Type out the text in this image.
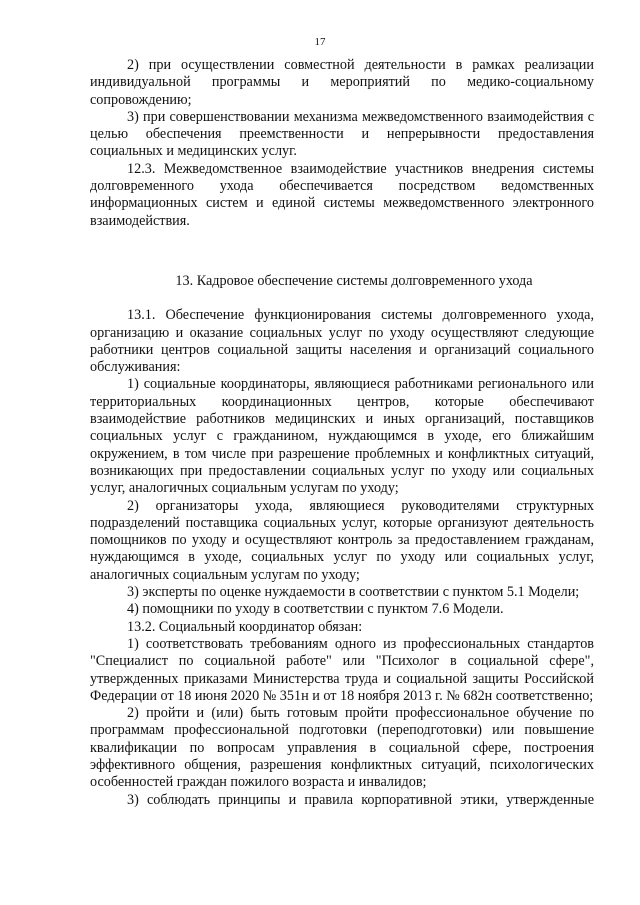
17

2) при осуществлении совместной деятельности в рамках реализации индивидуальной программы и мероприятий по медико-социальному сопровождению;

3) при совершенствовании механизма межведомственного взаимодействия с целью обеспечения преемственности и непрерывности предоставления социальных и медицинских услуг.

12.3. Межведомственное взаимодействие участников внедрения системы долговременного ухода обеспечивается посредством ведомственных информационных систем и единой системы межведомственного электронного взаимодействия.

13. Кадровое обеспечение системы долговременного ухода

13.1. Обеспечение функционирования системы долговременного ухода, организацию и оказание социальных услуг по уходу осуществляют следующие работники центров социальной защиты населения и организаций социального обслуживания:

1) социальные координаторы, являющиеся работниками регионального или территориальных координационных центров, которые обеспечивают взаимодействие работников медицинских и иных организаций, поставщиков социальных услуг с гражданином, нуждающимся в уходе, его ближайшим окружением, в том числе при разрешение проблемных и конфликтных ситуаций, возникающих при предоставлении социальных услуг по уходу или социальных услуг, аналогичных социальным услугам по уходу;

2) организаторы ухода, являющиеся руководителями структурных подразделений поставщика социальных услуг, которые организуют деятельность помощников по уходу и осуществляют контроль за предоставлением гражданам, нуждающимся в уходе, социальных услуг по уходу или социальных услуг, аналогичных социальным услугам по уходу;

3) эксперты по оценке нуждаемости в соответствии с пунктом 5.1 Модели;

4) помощники по уходу в соответствии с пунктом 7.6 Модели.

13.2. Социальный координатор обязан:

1) соответствовать требованиям одного из профессиональных стандартов "Специалист по социальной работе" или "Психолог в социальной сфере", утвержденных приказами Министерства труда и социальной защиты Российской Федерации от 18 июня 2020 № 351н и от 18 ноября 2013 г. № 682н соответственно;

2) пройти и (или) быть готовым пройти профессиональное обучение по программам профессиональной подготовки (переподготовки) или повышение квалификации по вопросам управления в социальной сфере, построения эффективного общения, разрешения конфликтных ситуаций, психологических особенностей граждан пожилого возраста и инвалидов;

3) соблюдать принципы и правила корпоративной этики, утвержденные
